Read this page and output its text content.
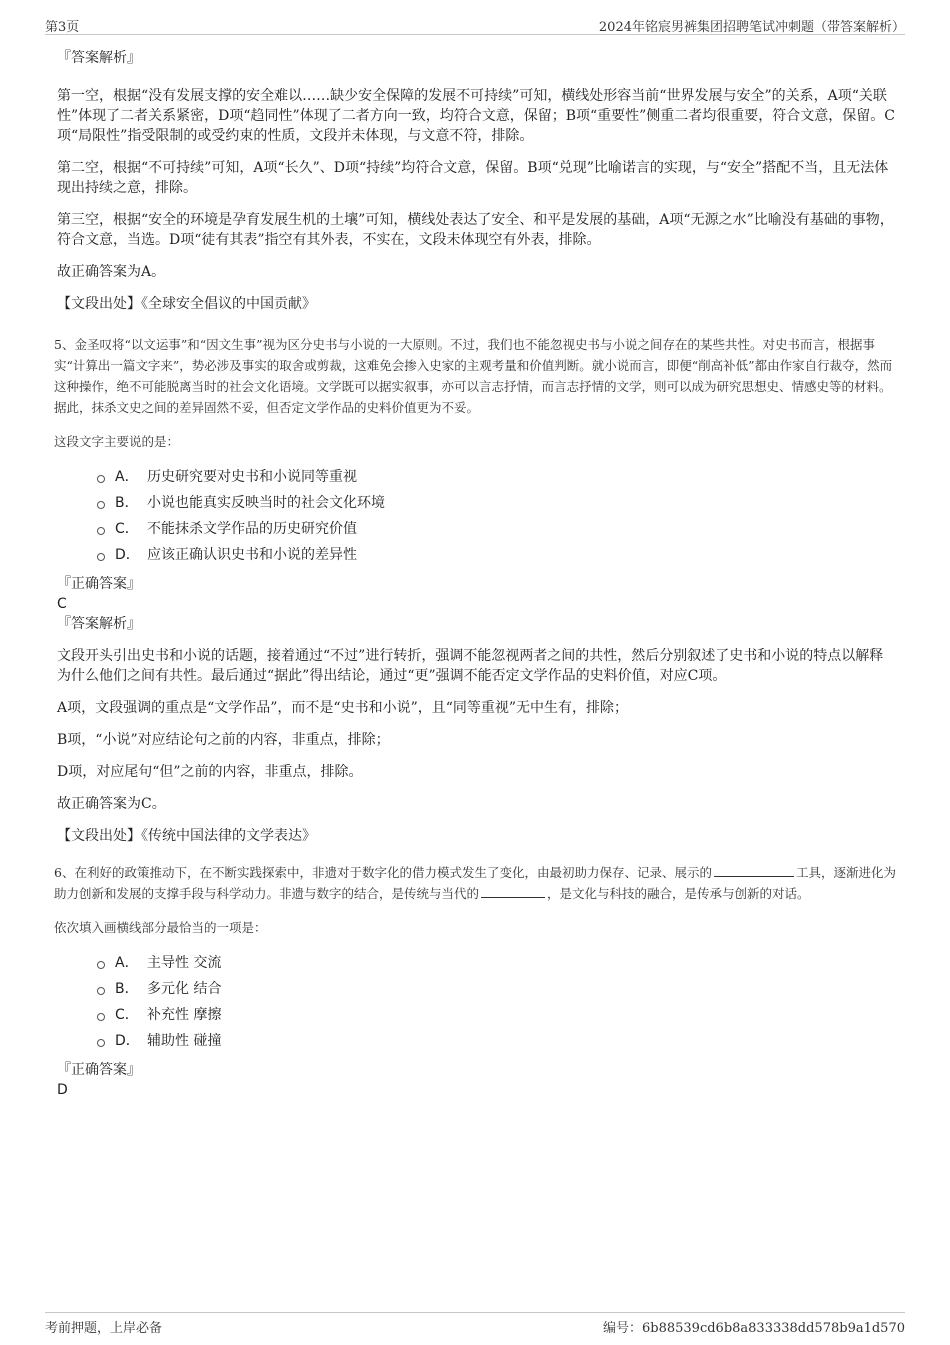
第3页	2024年铭宸男裤集团招聘笔试冲刺题（带答案解析）

『答案解析』

第一空，根据“没有发展支撑的安全难以……缺少安全保障的发展不可持续”可知，横线处形容当前“世界发展与安全”的关系，A项“关联性”体现了二者关系紧密，D项“趋同性”体现了二者方向一致，均符合文意，保留；B项“重要性”侧重二者均很重要，符合文意，保留。C项“局限性”指受限制的或受约束的性质，文段并未体现，与文意不符，排除。

第二空，根据“不可持续”可知，A项“长久”、D项“持续”均符合文意，保留。B项“兑现”比喻诺言的实现，与“安全”搭配不当，且无法体现出持续之意，排除。

第三空，根据“安全的环境是孕育发展生机的土壤”可知，横线处表达了安全、和平是发展的基础，A项“无源之水”比喻没有基础的事物，符合文意，当选。D项“徒有其表”指空有其外表，不实在，文段未体现空有外表，排除。

故正确答案为A。

【文段出处】《全球安全倡议的中国贡献》

5、金圣叹将“以文运事”和“因文生事”视为区分史书与小说的一大原则。不过，我们也不能忽视史书与小说之间存在的某些共性。对史书而言，根据事实“计算出一篇文字来”，势必涉及事实的取舍或剪裁，这难免会掺入史家的主观考量和价值判断。就小说而言，即便“削高补低”都由作家自行裁夺，然而这种操作，绝不可能脱离当时的社会文化语境。文学既可以据实叙事，亦可以言志抒情，而言志抒情的文学，则可以成为研究思想史、情感史等的材料。据此，抹杀文史之间的差异固然不妥，但否定文学作品的史料价值更为不妥。

这段文字主要说的是：

A． 历史研究要对史书和小说同等重视
B． 小说也能真实反映当时的社会文化环境
C． 不能抹杀文学作品的历史研究价值
D． 应该正确认识史书和小说的差异性

『正确答案』

C

『答案解析』

文段开头引出史书和小说的话题，接着通过“不过”进行转折，强调不能忽视两者之间的共性，然后分别叙述了史书和小说的特点以解释为什么他们之间有共性。最后通过“据此”得出结论，通过“更”强调不能否定文学作品的史料价值，对应C项。

A项，文段强调的重点是“文学作品”，而不是“史书和小说”，且“同等重视”无中生有，排除；

B项，“小说”对应结论句之前的内容，非重点，排除；

D项，对应尾句“但”之前的内容，非重点，排除。

故正确答案为C。

【文段出处】《传统中国法律的文学表达》

6、在利好的政策推动下，在不断实践探索中，非遗对于数字化的借力模式发生了变化，由最初助力保存、记录、展示的	工具，逐渐进化为助力创新和发展的支撑手段与科学动力。非遗与数字的结合，是传统与当代的	，是文化与科技的融合，是传承与创新的对话。

依次填入画横线部分最恰当的一项是：

A． 主导性 交流
B． 多元化 结合
C． 补充性 摩擦
D． 辅助性 碰撞

『正确答案』

D

考前押题，上岸必备	编号：6b88539cd6b8a833338dd578b9a1d570
